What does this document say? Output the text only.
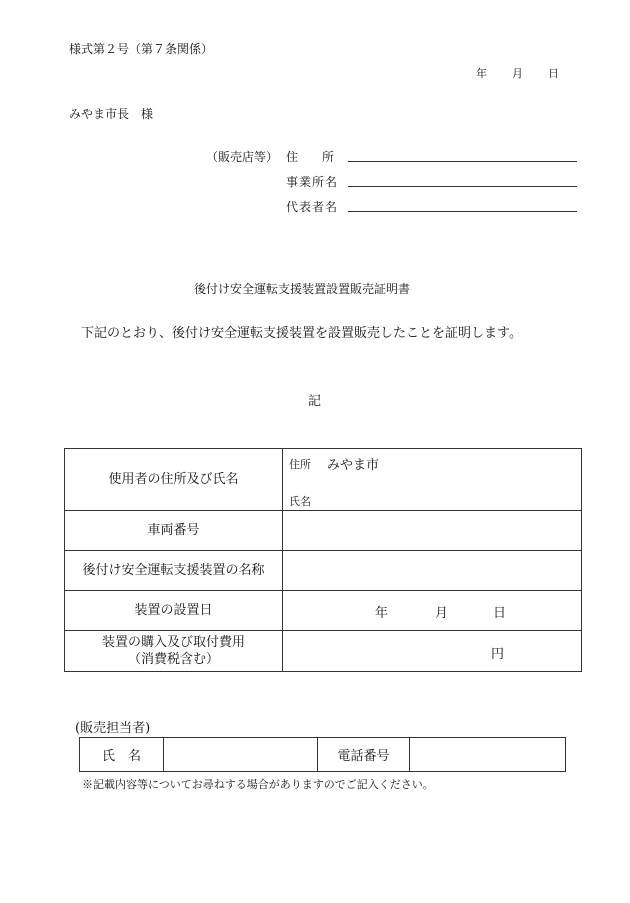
様式第２号（第７条関係）
年 月 日
みやま市長　様
（販売店等） 住　　所
事業所名
代表者名
後付け安全運転支援装置設置販売証明書
下記のとおり、後付け安全運転支援装置を設置販売したことを証明します。
記
使用者の住所及び氏名	住所 みやま市
氏名

車両番号	
後付け安全運転支援装置の名称	
装置の設置日	年 月 日

装置の購入及び取付費用
（消費税含む）	円
(販売担当者)
氏　名		電話番号	
※記載内容等についてお尋ねする場合がありますのでご記入ください。
